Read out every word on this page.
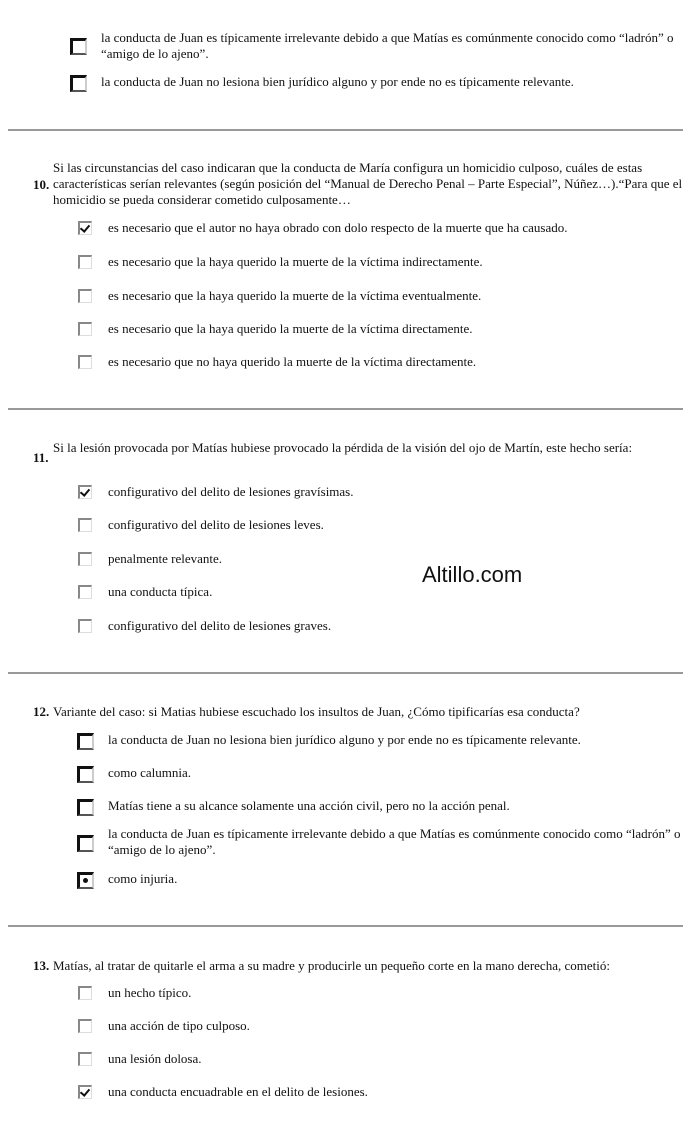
la conducta de Juan es típicamente irrelevante debido a que Matías es comúnmente conocido como “ladrón” o “amigo de lo ajeno”.
la conducta de Juan no lesiona bien jurídico alguno y por ende no es típicamente relevante.
10.
Si las circunstancias del caso indicaran que la conducta de María configura un homicidio culposo, cuáles de estas características serían relevantes (según posición del “Manual de Derecho Penal – Parte Especial”, Núñez…).“Para que el homicidio se pueda considerar cometido culposamente…
es necesario que el autor no haya obrado con dolo respecto de la muerte que ha causado.
es necesario que la haya querido la muerte de la víctima indirectamente.
es necesario que la haya querido la muerte de la víctima eventualmente.
es necesario que la haya querido la muerte de la víctima directamente.
es necesario que no haya querido la muerte de la víctima directamente.
11.
Si la lesión provocada por Matías hubiese provocado la pérdida de la visión del ojo de Martín, este hecho sería:
configurativo del delito de lesiones gravísimas.
configurativo del delito de lesiones leves.
penalmente relevante.
una conducta típica.
configurativo del delito de lesiones graves.
Altillo.com
12. Variante del caso: si Matias hubiese escuchado los insultos de Juan, ¿Cómo tipificarías esa conducta?
la conducta de Juan no lesiona bien jurídico alguno y por ende no es típicamente relevante.
como calumnia.
Matías tiene a su alcance solamente una acción civil, pero no la acción penal.
la conducta de Juan es típicamente irrelevante debido a que Matías es comúnmente conocido como “ladrón” o “amigo de lo ajeno”.
como injuria.
13. Matías, al tratar de quitarle el arma a su madre y producirle un pequeño corte en la mano derecha, cometió:
un hecho típico.
una acción de tipo culposo.
una lesión dolosa.
una conducta encuadrable en el delito de lesiones.
